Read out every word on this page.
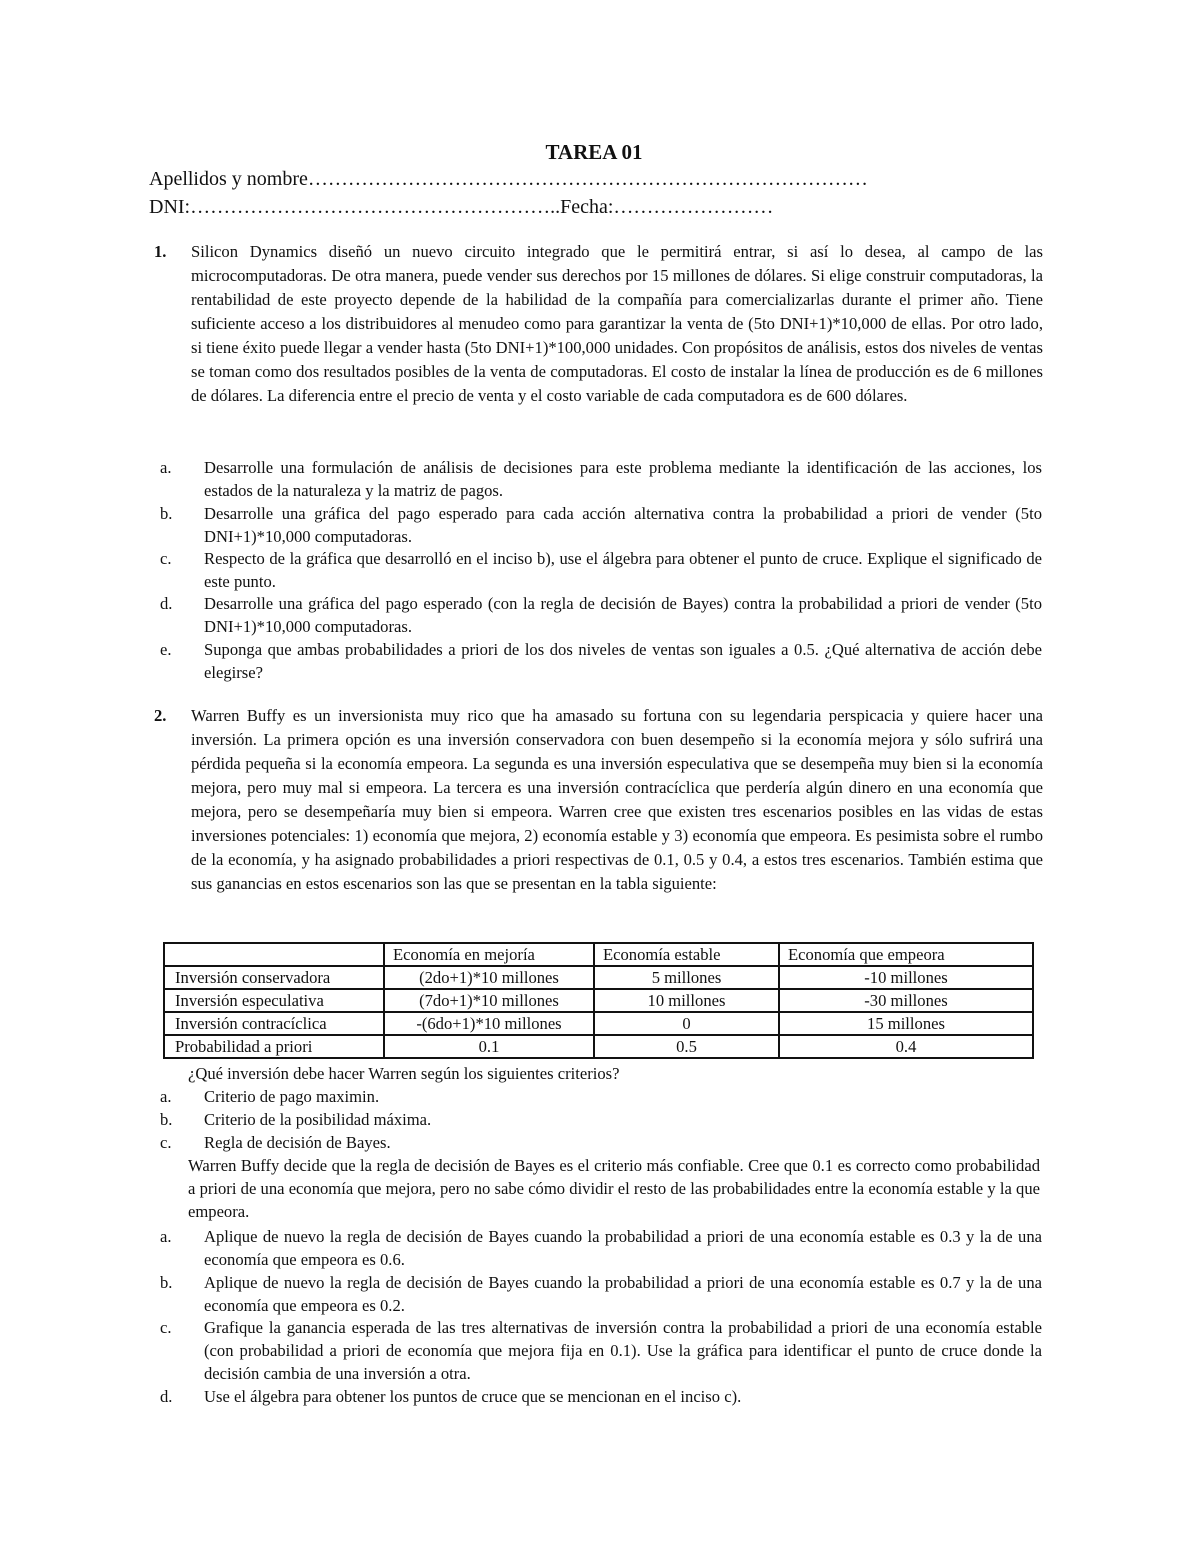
TAREA 01
Apellidos y nombre…………………………………………………………………………
DNI:………………………………………………..Fecha:……………………
1. Silicon Dynamics diseñó un nuevo circuito integrado que le permitirá entrar, si así lo desea, al campo de las microcomputadoras. De otra manera, puede vender sus derechos por 15 millones de dólares. Si elige construir computadoras, la rentabilidad de este proyecto depende de la habilidad de la compañía para comercializarlas durante el primer año. Tiene suficiente acceso a los distribuidores al menudeo como para garantizar la venta de (5to DNI+1)*10,000 de ellas. Por otro lado, si tiene éxito puede llegar a vender hasta (5to DNI+1)*100,000 unidades. Con propósitos de análisis, estos dos niveles de ventas se toman como dos resultados posibles de la venta de computadoras. El costo de instalar la línea de producción es de 6 millones de dólares. La diferencia entre el precio de venta y el costo variable de cada computadora es de 600 dólares.
a.	Desarrolle una formulación de análisis de decisiones para este problema mediante la identificación de las acciones, los estados de la naturaleza y la matriz de pagos.
b.	Desarrolle una gráfica del pago esperado para cada acción alternativa contra la probabilidad a priori de vender (5to DNI+1)*10,000 computadoras.
c.	Respecto de la gráfica que desarrolló en el inciso b), use el álgebra para obtener el punto de cruce. Explique el significado de este punto.
d.	Desarrolle una gráfica del pago esperado (con la regla de decisión de Bayes) contra la probabilidad a priori de vender (5to DNI+1)*10,000 computadoras.
e.	Suponga que ambas probabilidades a priori de los dos niveles de ventas son iguales a 0.5. ¿Qué alternativa de acción debe elegirse?
2. Warren Buffy es un inversionista muy rico que ha amasado su fortuna con su legendaria perspicacia y quiere hacer una inversión. La primera opción es una inversión conservadora con buen desempeño si la economía mejora y sólo sufrirá una pérdida pequeña si la economía empeora. La segunda es una inversión especulativa que se desempeña muy bien si la economía mejora, pero muy mal si empeora. La tercera es una inversión contracíclica que perdería algún dinero en una economía que mejora, pero se desempeñaría muy bien si empeora. Warren cree que existen tres escenarios posibles en las vidas de estas inversiones potenciales: 1) economía que mejora, 2) economía estable y 3) economía que empeora. Es pesimista sobre el rumbo de la economía, y ha asignado probabilidades a priori respectivas de 0.1, 0.5 y 0.4, a estos tres escenarios. También estima que sus ganancias en estos escenarios son las que se presentan en la tabla siguiente:
	Economía en mejoría	Economía estable	Economía que empeora
Inversión conservadora	(2do+1)*10 millones	5 millones	-10 millones
Inversión especulativa	(7do+1)*10 millones	10 millones	-30 millones
Inversión contracíclica	-(6do+1)*10 millones	0	15 millones
Probabilidad a priori	0.1	0.5	0.4
¿Qué inversión debe hacer Warren según los siguientes criterios?
a.	Criterio de pago maximin.
b.	Criterio de la posibilidad máxima.
c.	Regla de decisión de Bayes.
Warren Buffy decide que la regla de decisión de Bayes es el criterio más confiable. Cree que 0.1 es correcto como probabilidad a priori de una economía que mejora, pero no sabe cómo dividir el resto de las probabilidades entre la economía estable y la que empeora.
a.	Aplique de nuevo la regla de decisión de Bayes cuando la probabilidad a priori de una economía estable es 0.3 y la de una economía que empeora es 0.6.
b.	Aplique de nuevo la regla de decisión de Bayes cuando la probabilidad a priori de una economía estable es 0.7 y la de una economía que empeora es 0.2.
c.	Grafique la ganancia esperada de las tres alternativas de inversión contra la probabilidad a priori de una economía estable (con probabilidad a priori de economía que mejora fija en 0.1). Use la gráfica para identificar el punto de cruce donde la decisión cambia de una inversión a otra.
d.	Use el álgebra para obtener los puntos de cruce que se mencionan en el inciso c).
